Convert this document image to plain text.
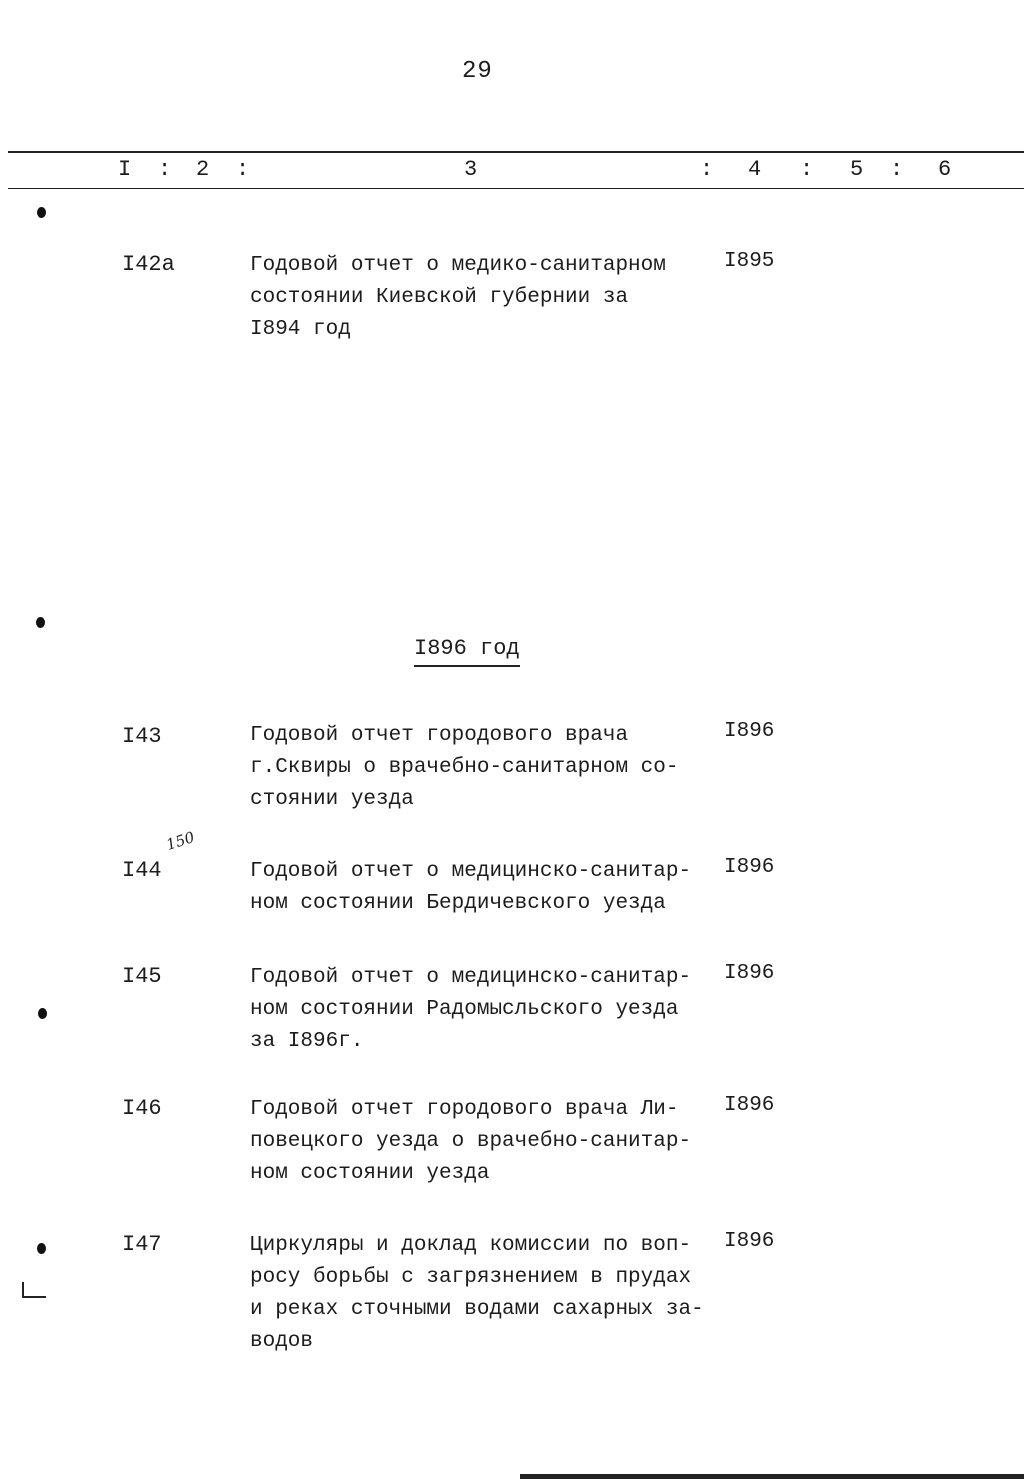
29
I : 2 :	3	: 4 : 5 : 6
I42a	Годовой отчет о медико-санитарном
состоянии Киевской губернии за
I894 год
I895
I896 год
I43	Годовой отчет городового врача
г.Сквиры о врачебно-санитарном со-
стоянии уезда
I896
150
I44	Годовой отчет о медицинско-санитар-
ном состоянии Бердичевского уезда
I896
I45	Годовой отчет о медицинско-санитар-
ном состоянии Радомысльского уезда
за I896г.
I896
I46	Годовой отчет городового врача Ли-
повецкого уезда о врачебно-санитар-
ном состоянии уезда
I896
I47	Циркуляры и доклад комиссии по воп-
росу борьбы с загрязнением в прудах
и реках сточными водами сахарных за-
водов
I896
